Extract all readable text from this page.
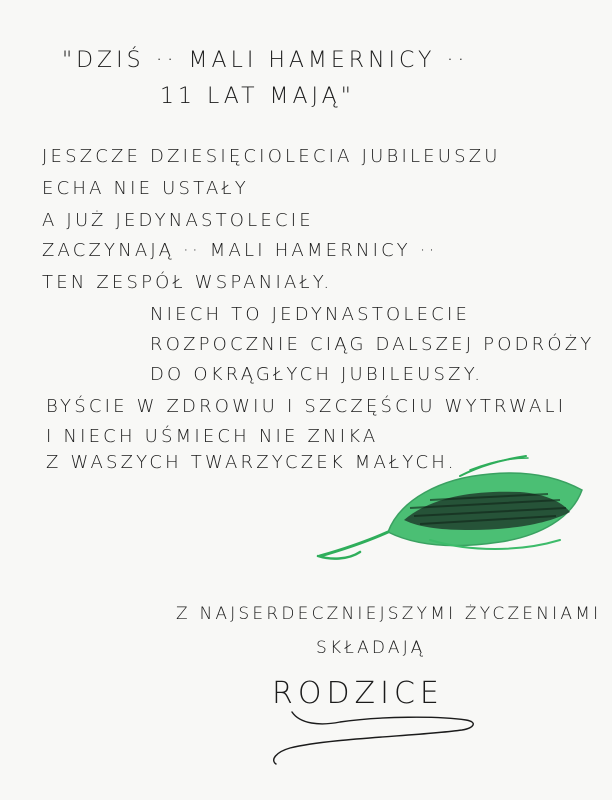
"DZIŚ ·· MALI HAMERNICY ··
11 LAT MAJĄ"
JESZCZE DZIESIĘCIOLECIA JUBILEUSZU
ECHA NIE USTAŁY
A JUŻ JEDYNASTOLECIE
ZACZYNAJĄ ·· MALI HAMERNICY ··
TEN ZESPÓŁ WSPANIAŁY.
NIECH TO JEDYNASTOLECIE
ROZPOCZNIE CIĄG DALSZEJ PODRÓŻY
DO OKRĄGŁYCH JUBILEUSZY.
BYŚCIE W ZDROWIU I SZCZĘŚCIU WYTRWALI
I NIECH UŚMIECH NIE ZNIKA
Z WASZYCH TWARZYCZEK MAŁYCH.
Z NAJSERDECZNIEJSZYMI ŻYCZENIAMI
SKŁADAJĄ
RODZICE
